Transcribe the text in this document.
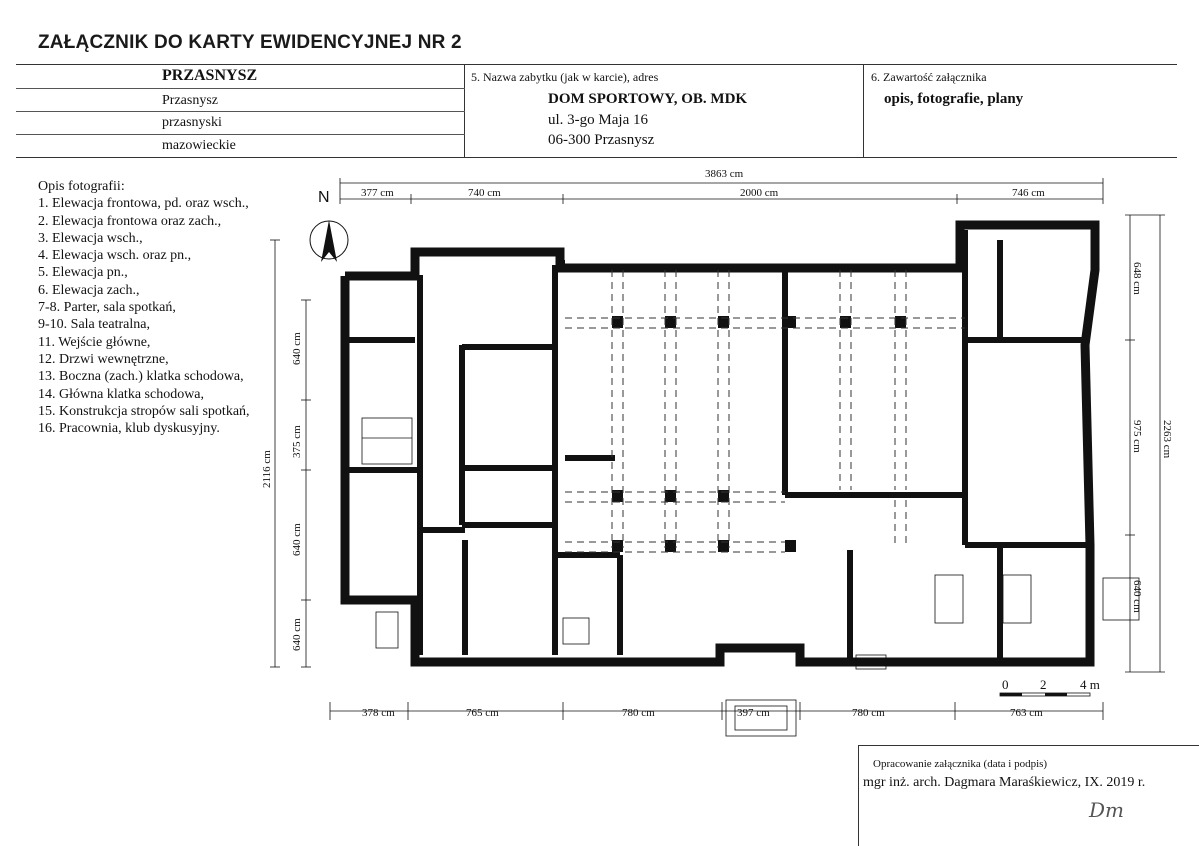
ZAŁĄCZNIK DO KARTY EWIDENCYJNEJ NR 2
PRZASNYSZ
Przasnysz
przasnyski
mazowieckie
5. Nazwa zabytku (jak w karcie), adres
DOM SPORTOWY, OB. MDK
ul. 3-go Maja 16
06-300 Przasnysz
6. Zawartość załącznika
opis, fotografie, plany
Opis fotografii:
1. Elewacja frontowa, pd. oraz wsch.,
2. Elewacja frontowa oraz zach.,
3. Elewacja wsch.,
4. Elewacja wsch. oraz pn.,
5. Elewacja pn.,
6. Elewacja zach.,
7-8. Parter, sala spotkań,
9-10. Sala teatralna,
11. Wejście główne,
12. Drzwi wewnętrzne,
13. Boczna (zach.) klatka schodowa,
14. Główna klatka schodowa,
15. Konstrukcja stropów sali spotkań,
16. Pracownia, klub dyskusyjny.
N
0 2	4 m
3863 cm
377 cm	740 cm	2000 cm	746 cm
378 cm	765 cm	780 cm	397 cm	780 cm	763 cm
2116 cm
640 cm
375 cm
640 cm
640 cm
648 cm
975 cm 2263 cm
640 cm
Opracowanie załącznika (data i podpis)
mgr inż. arch. Dagmara Maraśkiewicz, IX. 2019 r.
Dm
